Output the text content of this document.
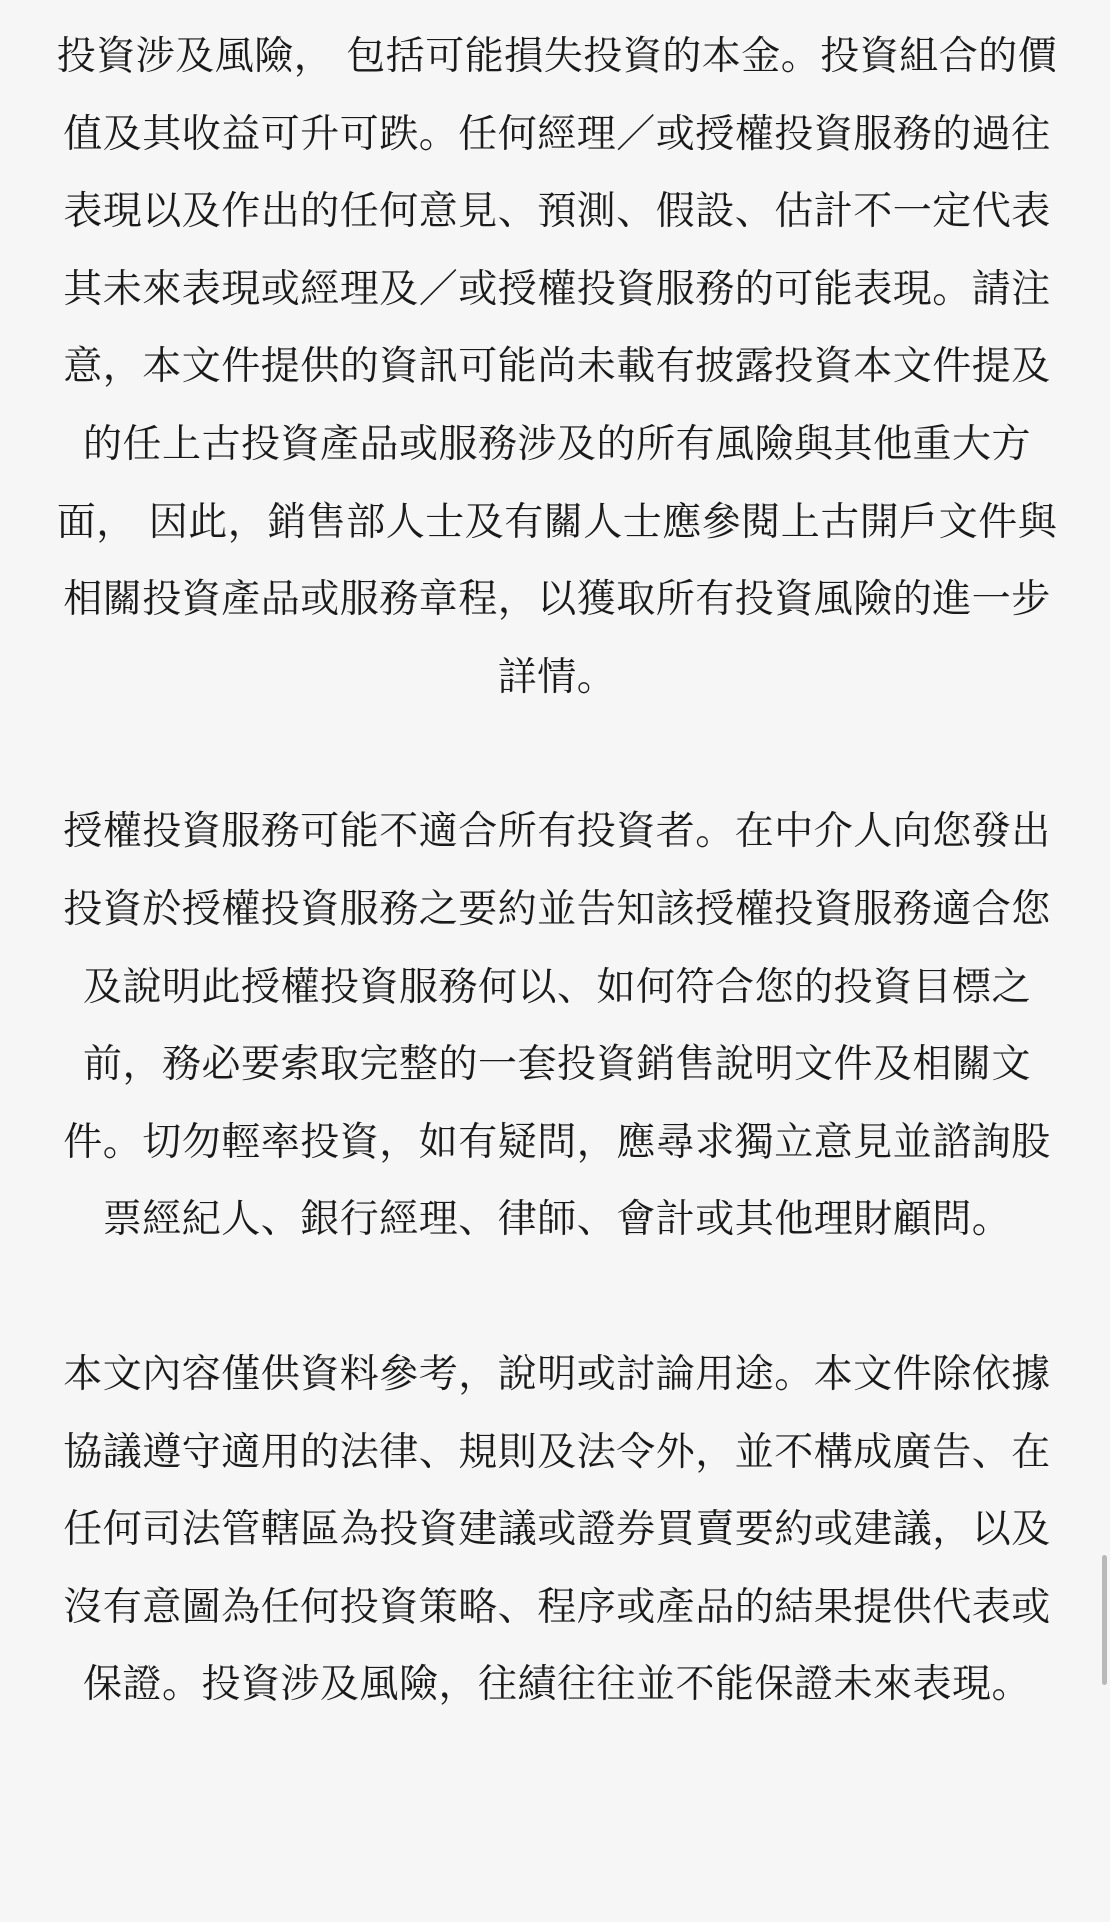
投資涉及風險， 包括可能損失投資的本金。投資組合的價值及其收益可升可跌。任何經理／或授權投資服務的過往表現以及作出的任何意見、預測、假設、估計不一定代表其未來表現或經理及／或授權投資服務的可能表現。請注意，本文件提供的資訊可能尚未載有披露投資本文件提及的任上古投資產品或服務涉及的所有風險與其他重大方面， 因此，銷售部人士及有關人士應參閱上古開戶文件與相關投資產品或服務章程，以獲取所有投資風險的進一步詳情。

授權投資服務可能不適合所有投資者。在中介人向您發出投資於授權投資服務之要約並告知該授權投資服務適合您及說明此授權投資服務何以、如何符合您的投資目標之前，務必要索取完整的一套投資銷售說明文件及相關文件。切勿輕率投資，如有疑問，應尋求獨立意見並諮詢股票經紀人、銀行經理、律師、會計或其他理財顧問。

本文內容僅供資料參考，說明或討論用途。本文件除依據協議遵守適用的法律、規則及法令外，並不構成廣告、在任何司法管轄區為投資建議或證券買賣要約或建議，以及沒有意圖為任何投資策略、程序或產品的結果提供代表或保證。投資涉及風險，往績往往並不能保證未來表現。
